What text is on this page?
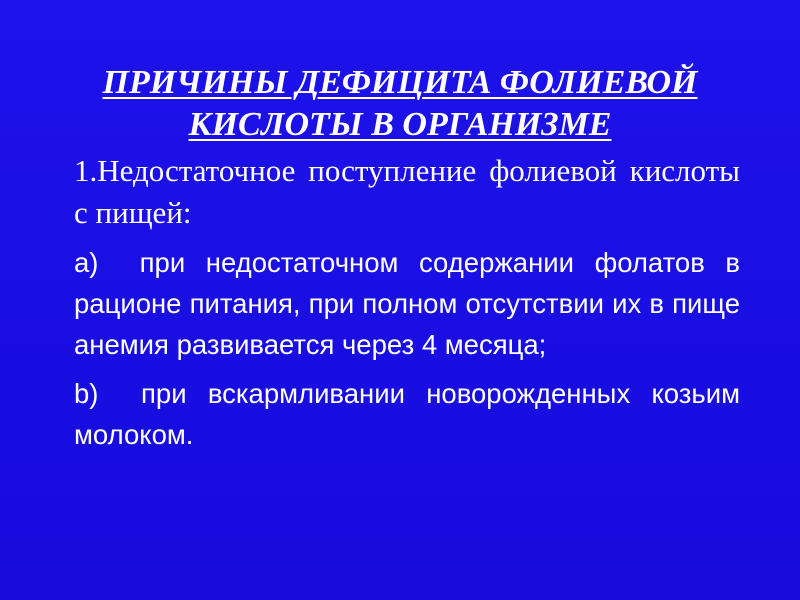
ПРИЧИНЫ ДЕФИЦИТА ФОЛИЕВОЙ
КИСЛОТЫ В ОРГАНИЗМЕ

1.Недостаточное поступление фолиевой кислоты с пищей:

a)  при недостаточном содержании фолатов в рационе питания, при полном отсутствии их в пище анемия развивается через 4 месяца;

b)  при вскармливании новорожденных козьим молоком.
